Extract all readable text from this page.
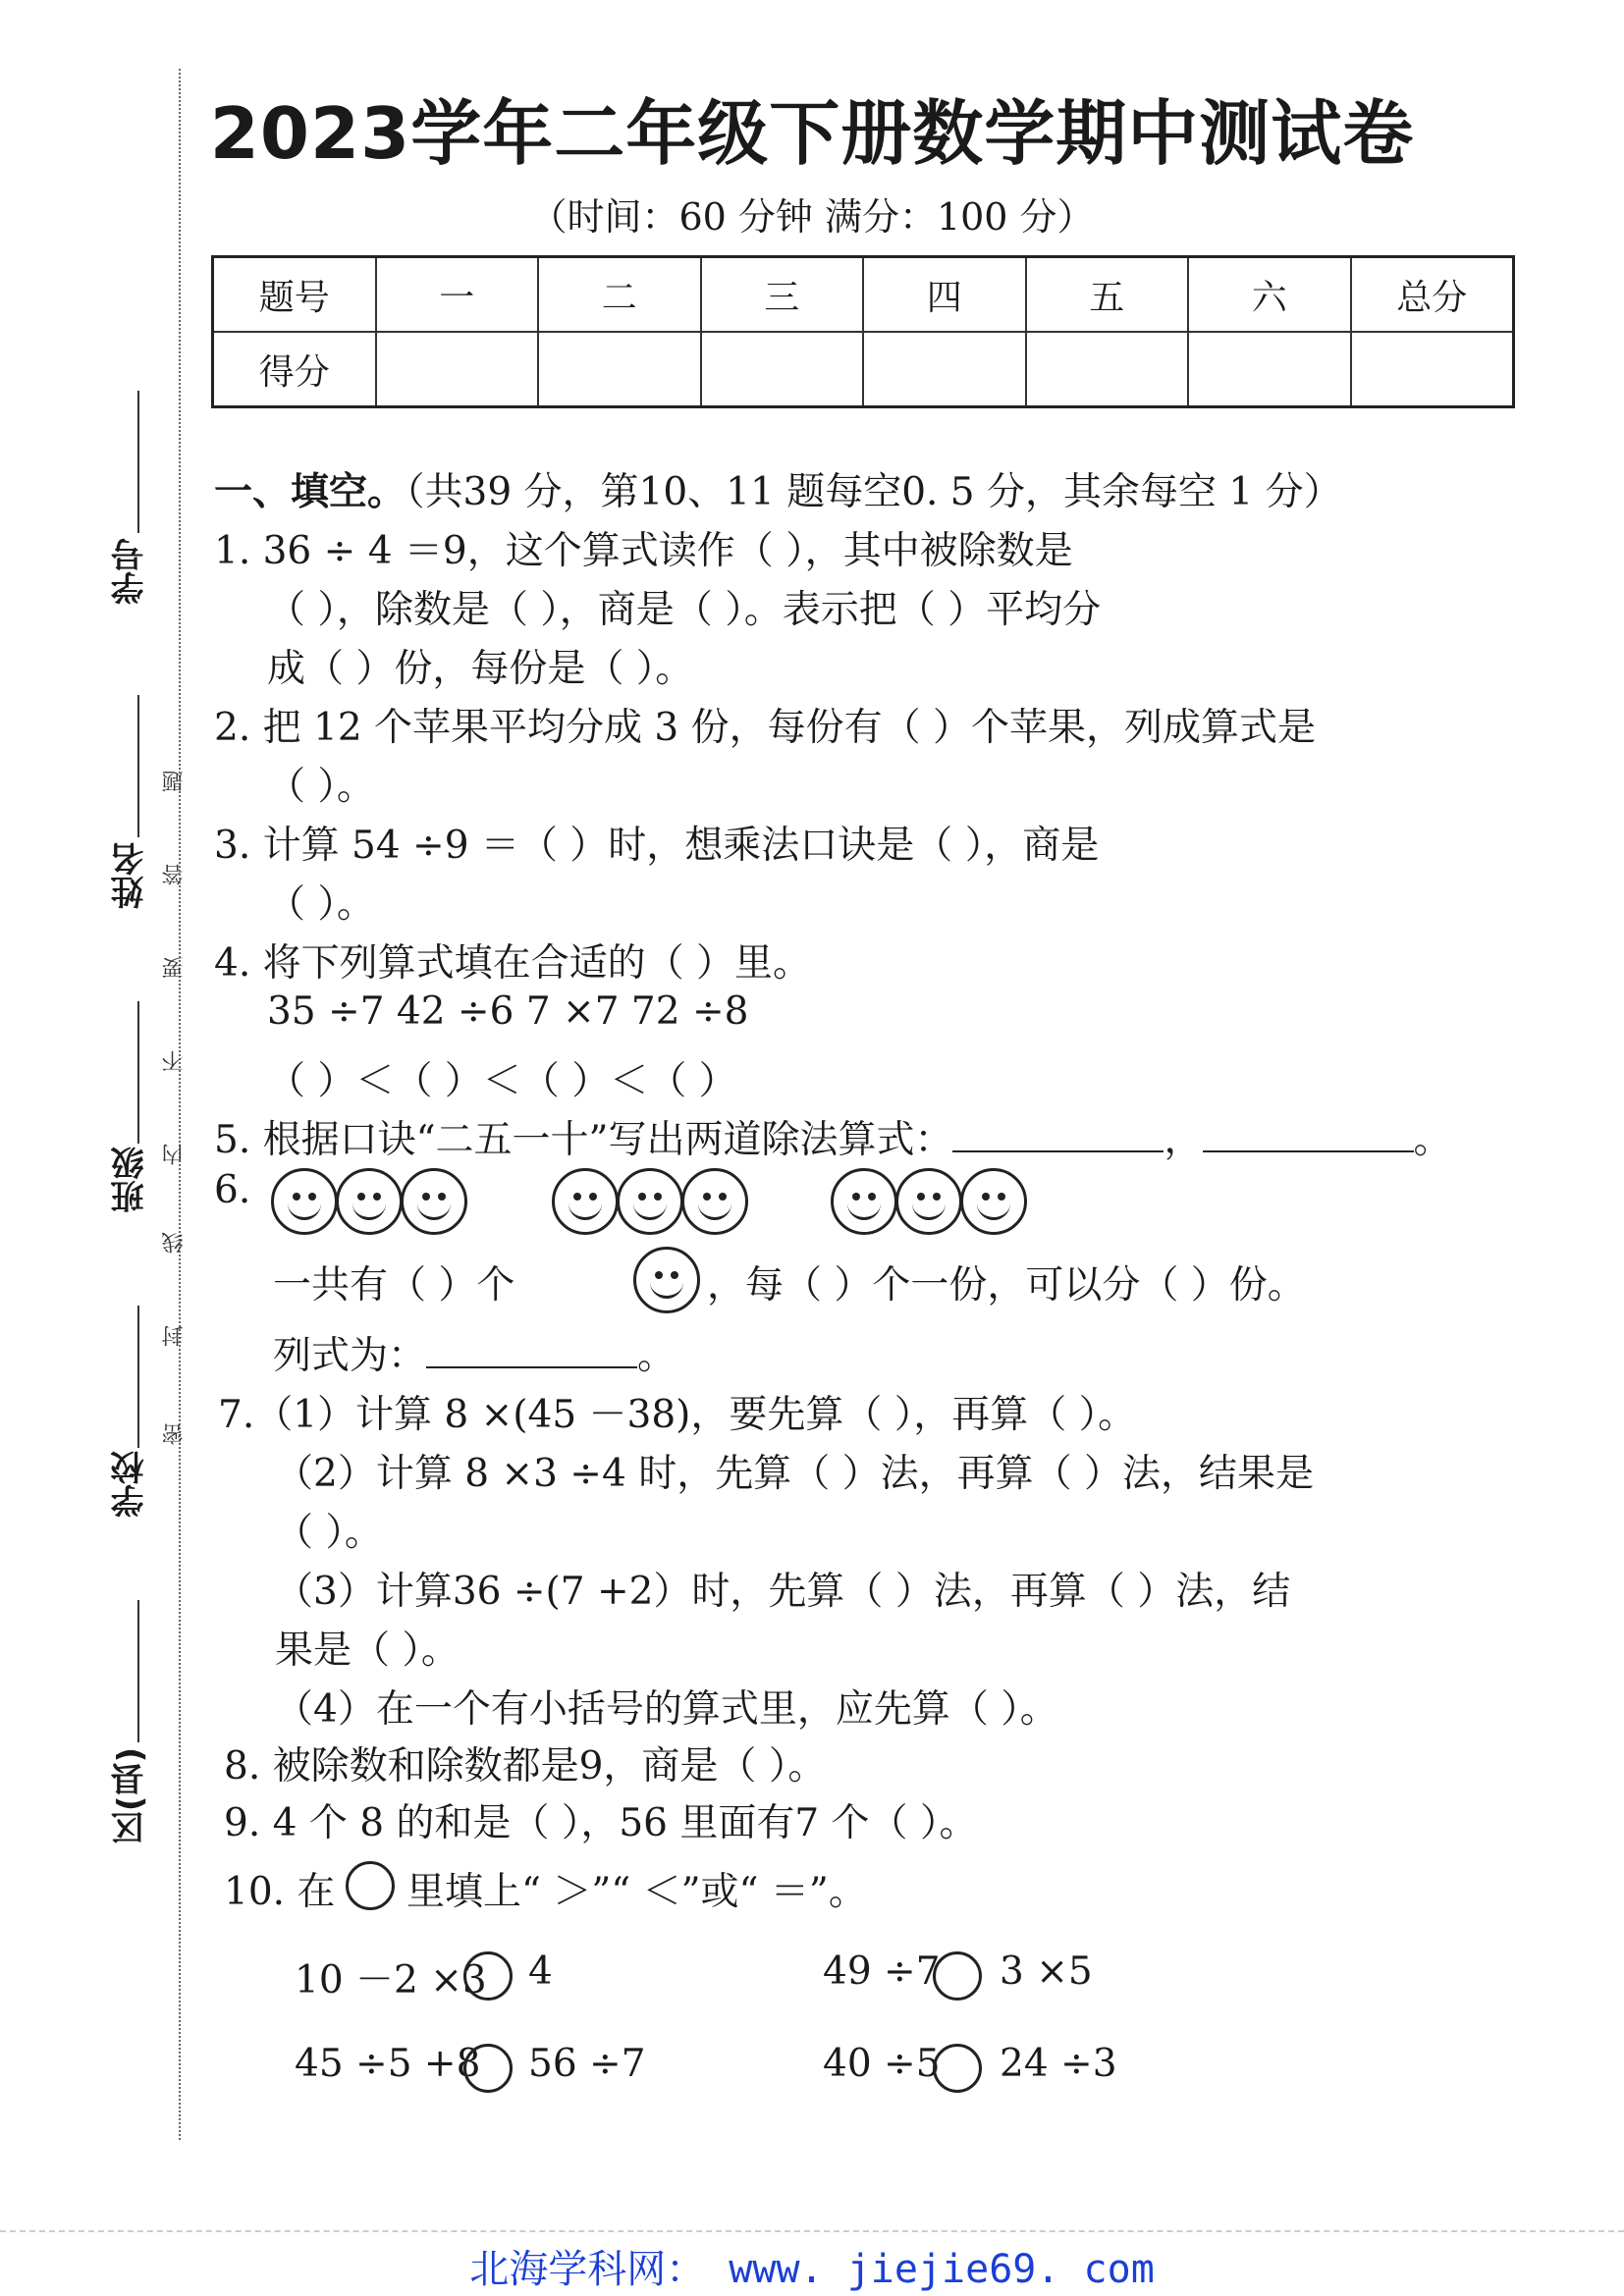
学号
姓名
班级
学校
区(县)
密
封
线
内
不
要
答
题
2023学年二年级下册数学期中测试卷
（时间：60 分钟 满分：100 分）
题号	一	二	三	四	五	六	总分
得分							
一、填空。（共39 分，第10、11 题每空0. 5 分，其余每空 1 分）
1. 36 ÷ 4 ＝9，这个算式读作（ ），其中被除数是
（ ），除数是（ ），商是（ ）。表示把（ ）平均分
成（ ）份，每份是（ ）。
2. 把 12 个苹果平均分成 3 份，每份有（ ）个苹果，列成算式是
（ ）。
3. 计算 54 ÷9 ＝（ ）时，想乘法口诀是（ ），商是
（ ）。
4. 将下列算式填在合适的（ ）里。
35 ÷7 42 ÷6 7 ×7 72 ÷8
（ ）＜（ ）＜（ ）＜（ ）
5. 根据口诀“二五一十”写出两道除法算式：	，	。
6.
一共有（ ）个	，每（ ）个一份，可以分（ ）份。
列式为：	。
7.（1）计算 8 ×(45 －38)，要先算（ ），再算（ ）。
（2）计算 8 ×3 ÷4 时，先算（ ）法，再算（ ）法，结果是
（ ）。
（3）计算36 ÷(7 +2）时，先算（ ）法，再算（ ）法，结
果是（ ）。
（4）在一个有小括号的算式里，应先算（ ）。
8. 被除数和除数都是9，商是（ ）。
9. 4 个 8 的和是（ ），56 里面有7 个（ ）。
10. 在 里填上“ ＞”“ ＜”或“ ＝”。
10 －2 ×3 4	49 ÷7 3 ×5
45 ÷5 +8 56 ÷7	40 ÷5 24 ÷3
北海学科网： www. jiejie69. com
